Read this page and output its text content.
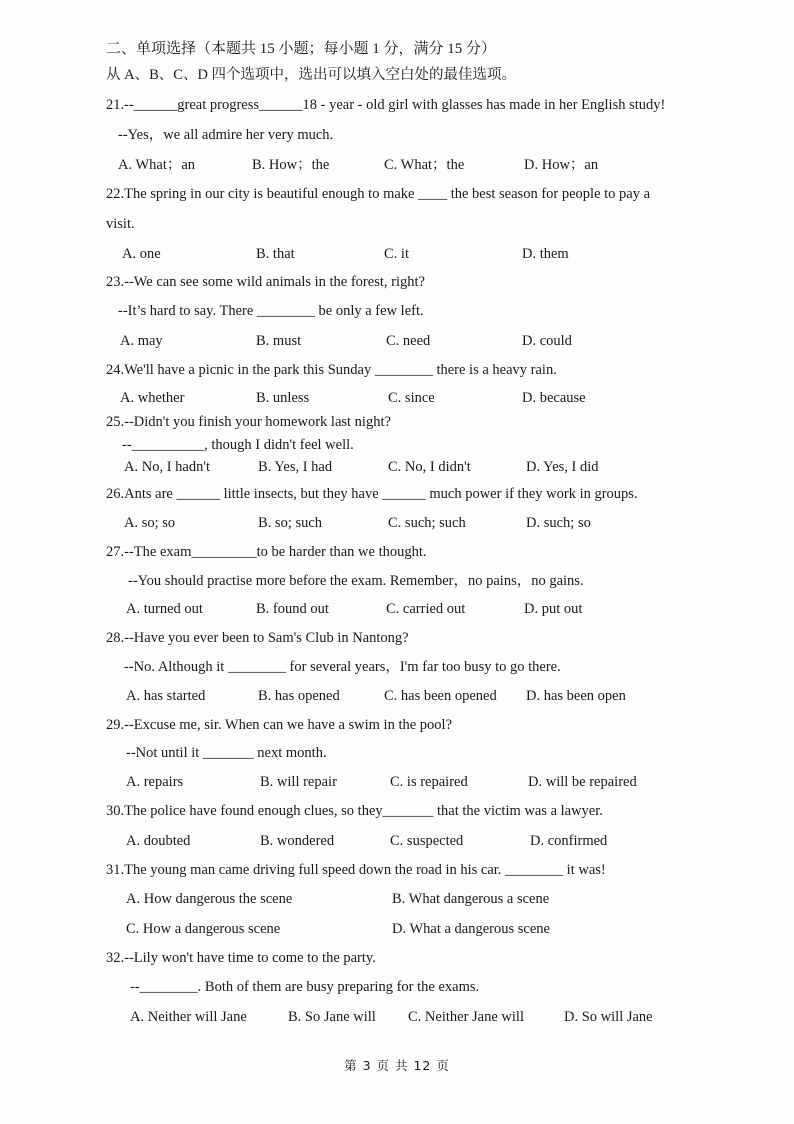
二、单项选择（本题共 15 小题；每小题 1 分，满分 15 分）
从 A、B、C、D 四个选项中，选出可以填入空白处的最佳选项。
21.--______great progress______18 - year - old girl with glasses has made in her English study!
--Yes，we all admire her very much.
A. What；an	B. How；the	C. What；the	D. How；an
22.The spring in our city is beautiful enough to make ____ the best season for people to pay a
visit.
A. one	B. that	C. it	D. them
23.--We can see some wild animals in the forest, right?
--It’s hard to say. There ________ be only a few left.
A. may	B. must	C. need	D. could
24.We'll have a picnic in the park this Sunday ________ there is a heavy rain.
A. whether	B. unless	C. since	D. because
25.--Didn't you finish your homework last night?
--__________, though I didn't feel well.
A. No, I hadn't	B. Yes, I had	C. No, I didn't	D. Yes, I did
26.Ants are ______ little insects, but they have ______ much power if they work in groups.
A. so; so	B. so; such	C. such; such	D. such; so
27.--The exam_________to be harder than we thought.
--You should practise more before the exam. Remember，no pains，no gains.
A. turned out	B. found out	C. carried out	D. put out
28.--Have you ever been to Sam's Club in Nantong?
--No. Although it ________ for several years，I'm far too busy to go there.
A. has started	B. has opened	C. has been opened D. has been open
29.--Excuse me, sir. When can we have a swim in the pool?
--Not until it _______ next month.
A. repairs	B. will repair	C. is repaired	D. will be repaired
30.The police have found enough clues, so they_______ that the victim was a lawyer.
A. doubted	B. wondered	C. suspected	D. confirmed
31.The young man came driving full speed down the road in his car. ________ it was!
A. How dangerous the scene	B. What dangerous a scene
C. How a dangerous scene	D. What a dangerous scene
32.--Lily won't have time to come to the party.
--________. Both of them are busy preparing for the exams.
A. Neither will Jane	B. So Jane will C. Neither Jane will	D. So will Jane
第 3 页 共 12 页
